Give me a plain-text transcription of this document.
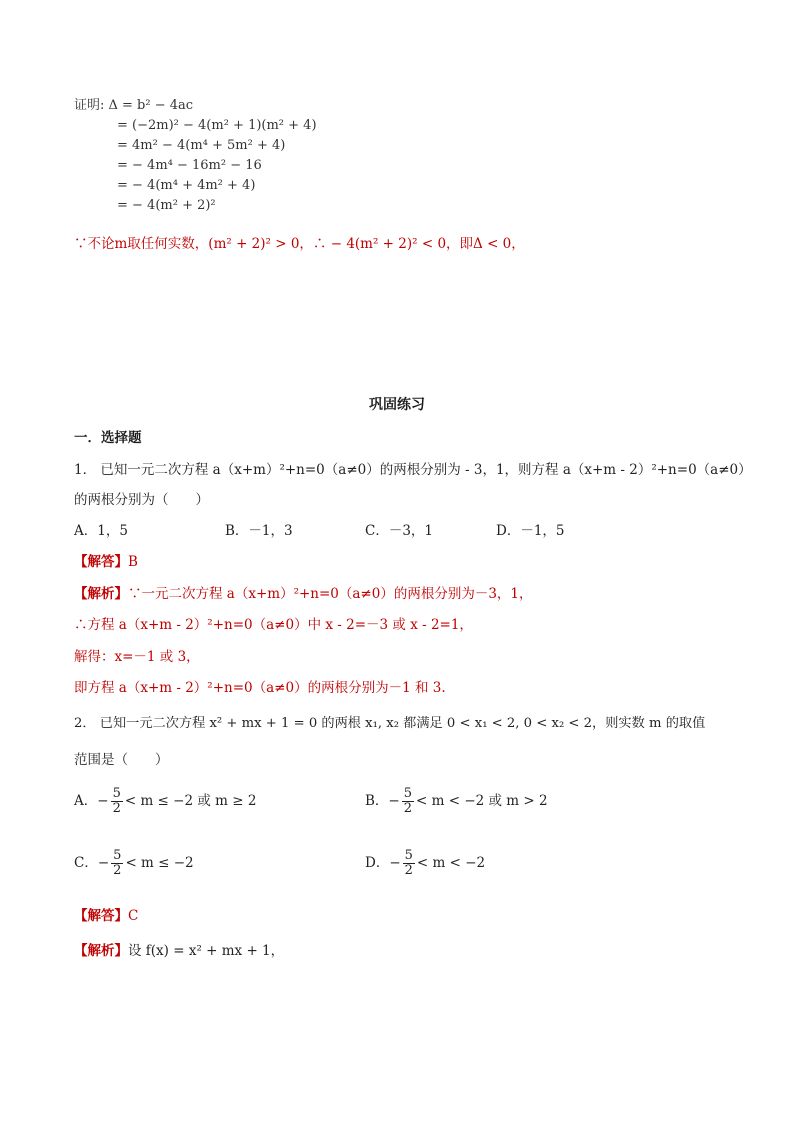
证明: Δ = b² − 4ac
= (−2m)² − 4(m² + 1)(m² + 4)
= 4m² − 4(m⁴ + 5m² + 4)
= − 4m⁴ − 16m² − 16
= − 4(m⁴ + 4m² + 4)
= − 4(m² + 2)²
∵不论m取任何实数，(m² + 2)² > 0，∴ − 4(m² + 2)² < 0，即Δ < 0，
巩固练习
一．选择题
1． 已知一元二次方程 a（x+m）²+n=0（a≠0）的两根分别为 - 3，1，则方程 a（x+m - 2）²+n=0（a≠0）
的两根分别为（　　）
A．1，5	B．－1，3	C．－3，1	D．－1，5
【解答】B
【解析】∵一元二次方程 a（x+m）²+n=0（a≠0）的两根分别为－3，1，
∴方程 a（x+m - 2）²+n=0（a≠0）中 x - 2=－3 或 x - 2=1，
解得：x=－1 或 3，
即方程 a（x+m - 2）²+n=0（a≠0）的两根分别为－1 和 3.
2． 已知一元二次方程 x² + mx + 1 = 0 的两根 x₁, x₂ 都满足 0 < x₁ < 2, 0 < x₂ < 2，则实数 m 的取值
范围是（　　）
A．− $\frac{5}{2} < m \le -2$ 或 m ≥ 2	B．− $\frac{5}{2} < m < -2$ 或 m > 2
C．− $\frac{5}{2} < m \le -2$	D．− $\frac{5}{2} < m < -2$
【解答】C
【解析】设 f(x) = x² + mx + 1，
